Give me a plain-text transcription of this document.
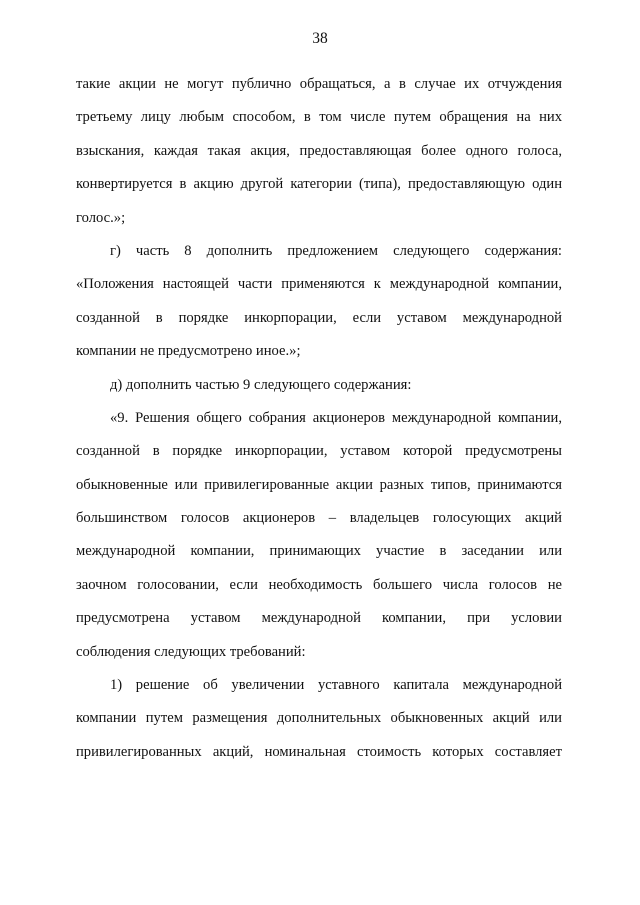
38
такие акции не могут публично обращаться, а в случае их отчуждения
третьему лицу любым способом, в том числе путем обращения на них
взыскания, каждая такая акция, предоставляющая более одного голоса,
конвертируется в акцию другой категории (типа), предоставляющую один
голос.»;
г) часть 8 дополнить предложением следующего содержания:
«Положения настоящей части применяются к международной компании,
созданной в порядке инкорпорации, если уставом международной
компании не предусмотрено иное.»;
д) дополнить частью 9 следующего содержания:
«9. Решения общего собрания акционеров международной компании,
созданной в порядке инкорпорации, уставом которой предусмотрены
обыкновенные или привилегированные акции разных типов, принимаются
большинством голосов акционеров – владельцев голосующих акций
международной компании, принимающих участие в заседании или
заочном голосовании, если необходимость большего числа голосов не
предусмотрена уставом международной компании, при условии
соблюдения следующих требований:
1) решение об увеличении уставного капитала международной
компании путем размещения дополнительных обыкновенных акций или
привилегированных акций, номинальная стоимость которых составляет
